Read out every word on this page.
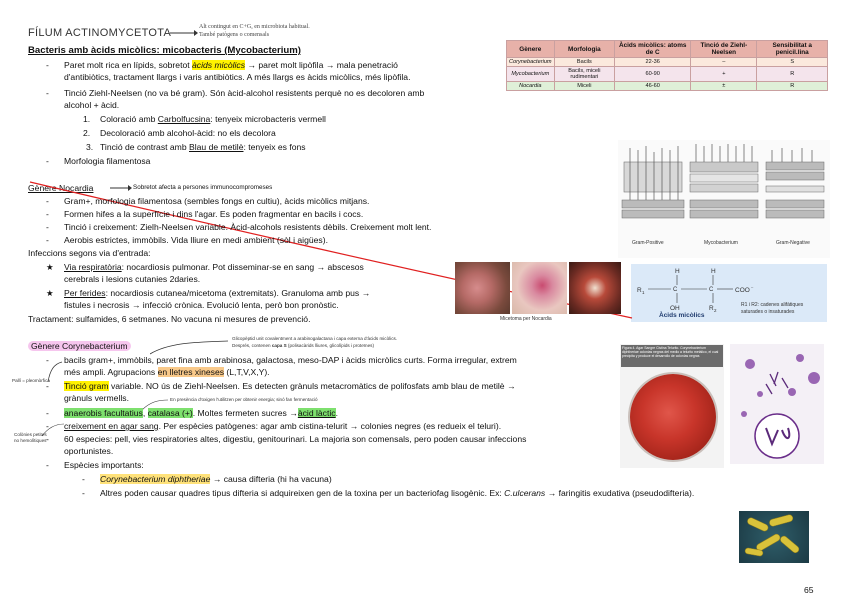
FÍLUM ACTINOMYCETOTA	Alt contingut en C+G, en microbiota habitual.
També patògens o comensals
Bacteris amb àcids micòlics: micobacteris (Mycobacterium)
- Paret molt rica en lípids, sobretot àcids micòlics → paret molt lipòfila → mala penetració
d'antibiòtics, tractament llargs i varis antibiòtics. A més llargs es àcids micòlics, més lipòfila.
- Tinció Ziehl-Neelsen (no va bé gram). Són àcid-alcohol resistents perquè no es decoloren amb
alcohol + àcid.
1. Coloració amb Carbolfucsina: tenyeix microbacteris vermell
2. Decoloració amb alcohol-àcid: no els decolora
3. Tinció de contrast amb Blau de metilè: tenyeix es fons
- Morfologia filamentosa
Gènere	Morfologia	Àcids micòlics: atoms de C	Tinció de Ziehl-Neelsen	Sensibilitat a penicil.lina
Corynebacterium	Bacils	22-36	–	S
Mycobacterium	Bacils, miceli rudimentari	60-90	+	R
Nocardia	Miceli	46-60	±	R
Gram-Positive	Mycobacterium	Gram-Negative
H	H
R 1	COO
OH	R 2
C	C
–
Àcids micòlics
R1 i R2: cadenes alifàtiques
saturades o insaturades
Gènere Nocardia	Sobretot afecta a persones immunocompromeses
- Gram+, morfologia filamentosa (sembles fongs en cultiu), àcids micòlics mitjans.
- Formen hifes a la superfície i dins l'agar. Es poden fragmentar en bacils i cocs.
- Tinció i creixement: Zielh-Neelsen variable. Àcid-alcohols resistents dèbils. Creixement molt lent.
- Aerobis estrictes, immòbils. Vida lliure en medi ambient (sòl i aigües).
Infeccions segons via d'entrada:
★ Via respiratòria: nocardiosis pulmonar. Pot disseminar-se en sang → abscesos
cerebrals i lesions cutanies 2daries.
★ Per ferides: nocardiosis cutanea/micetoma (extremitats). Granuloma amb pus →
fistules i necrosis → infecció crònica. Evolució lenta, però bon pronòstic.
Tractament: sulfamides, 6 setmanes. No vacuna ni mesures de prevenció.	Micetoma per Nocardia
Gènere Corynebacterium
Glicopèptid unit covalentment a arabinogalactana i capa externa d'àcids micòlics.
Després, contenen capa S (polisacàrids lliures, glicolípids i proteïnes)
Pallí = pleomòrfica
- bacils gram+, immòbils, paret fina amb arabinosa, galactosa, meso-DAP i àcids micròlics curts. Forma irregular, extrem
més ampli. Agrupacions en lletres xineses (L,T,V,X,Y).
- Tinció gram variable. NO ús de Ziehl-Neelsen. Es detecten grànuls metacromàtics de polifosfats amb blau de metilè →
grànuls vermells.	En presència d'oxigen l'utilitzen per obtenir energia; sinó fan fermentació
- anaerobis facultatius, catalasa (+). Moltes fermeten sucres →àcid làctic.
Colònies petites
no hemolítiques
- creixement en agar sang. Per espècies patògenes: agar amb cistina-telurit → colonies negres (es redueix el teluri).
- 60 especies: pell, vies respiratories altes, digestiu, genitourinari. La majoria son comensals, pero poden causar infeccions
oportunistes.
- Espècies importants:
- Corynebacterium diphtheriae → causa difteria (hi ha vacuna)
- Altres poden causar quadres tipus difteria si adquireixen gen de la toxina per un bacteriofag lisogènic. Ex: C.ulcerans → faringitis exudativa (pseudodifteria).
Figura 4. Agar Sangre Cistina Telurito. Corynebacterium diphtheriae colonias negras del medio a telurito metálico, el cual precipita y produce el desarrollo de colonias negras
65
